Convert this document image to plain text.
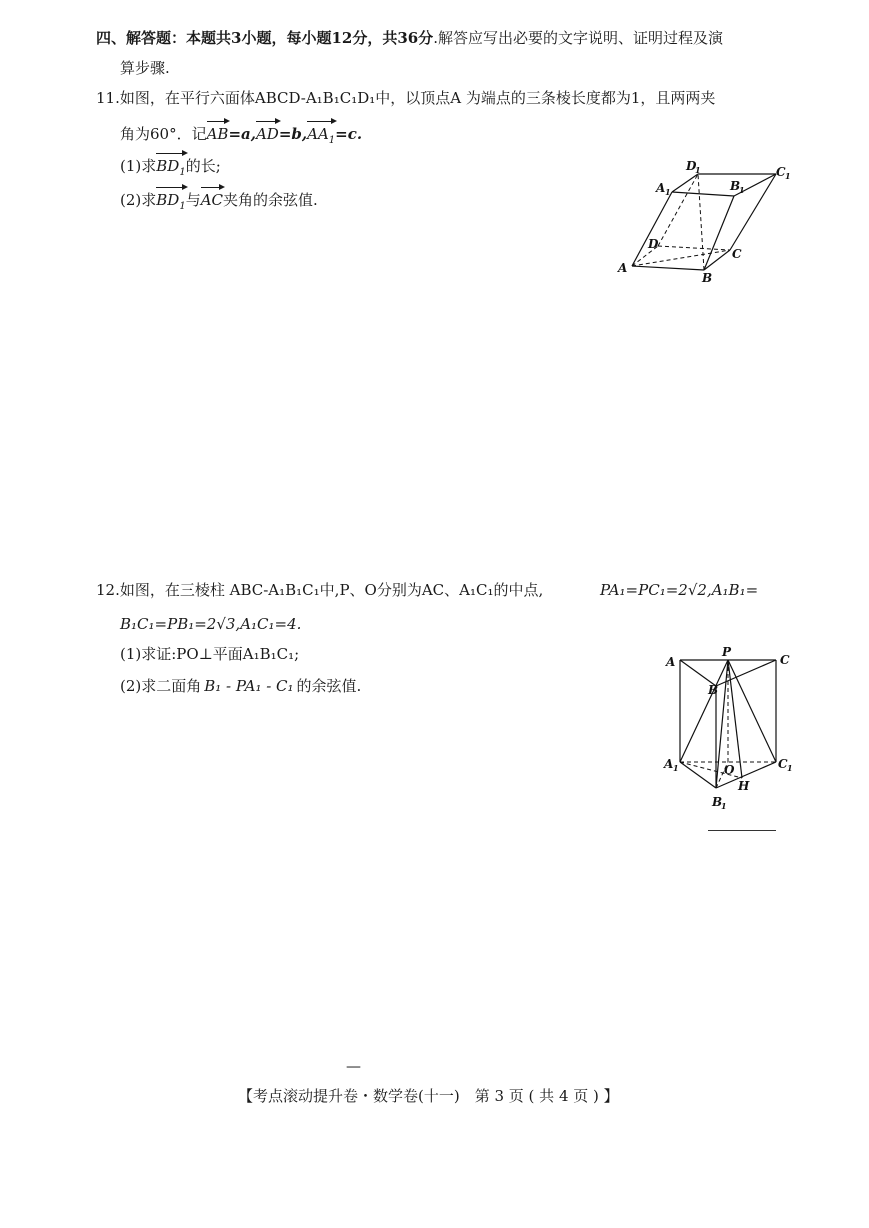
四、解答题：本题共3小题，每小题12分，共36分.解答应写出必要的文字说明、证明过程及演
算步骤.
11.如图，在平行六面体ABCD-A₁B₁C₁D₁中，以顶点A 为端点的三条棱长度都为1，且两两夹
角为60°．记$AB=a,AD=b,AA_1=c$.
(1)求$BD_1$的长;
(2)求$BD_1$与AC夹角的余弦值.
A
B
C
D
A 1	B
1
C 1
D
1
12.如图，在三棱柱 ABC-A₁B₁C₁中,P、O分别为AC、A₁C₁的中点,	PA₁=PC₁=2√2,A₁B₁=
B₁C₁=PB₁=2√3,A₁C₁=4.
(1)求证:PO⊥平面A₁B₁C₁;
(2)求二面角  B₁ - PA₁ - C₁  的余弦值.
A
P
C
B
A 1	O	C 1
H
B
1
—
【考点滚动提升卷・数学卷(十一)　第 3 页 ( 共 4 页 ) 】
